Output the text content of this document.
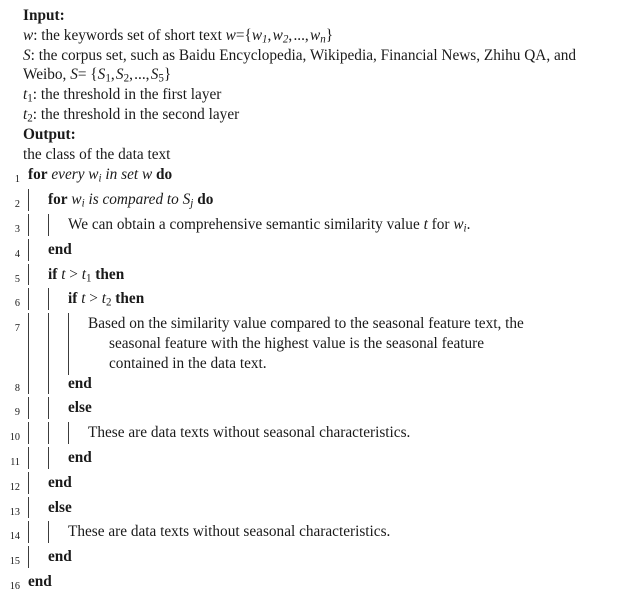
Input:
w: the keywords set of short text $w=\{w_1$, $w_2$, ..., $w_n$}
S: the corpus set, such as Baidu Encyclopedia, Wikipedia, Financial News, Zhihu QA, and Weibo, $S= \{S_1$, $S_2$, ..., $S_5$}
$t_1$: the threshold in the first layer
$t_2$: the threshold in the second layer
Output:
the class of the data text
1 for every $w_i$ in set w do
2	for $w_i$ is compared to $S_j$ do
3	We can obtain a comprehensive semantic similarity value t for $w_i$.
4	end
5	if $t > t_1$ then
6	if $t > t_2$ then
7	Based on the similarity value compared to the seasonal feature text, the
seasonal feature with the highest value is the seasonal feature
contained in the data text.
8	end
9	else
10	These are data texts without seasonal characteristics.
11	end
12	end
13	else
14	These are data texts without seasonal characteristics.
15	end
16 end
